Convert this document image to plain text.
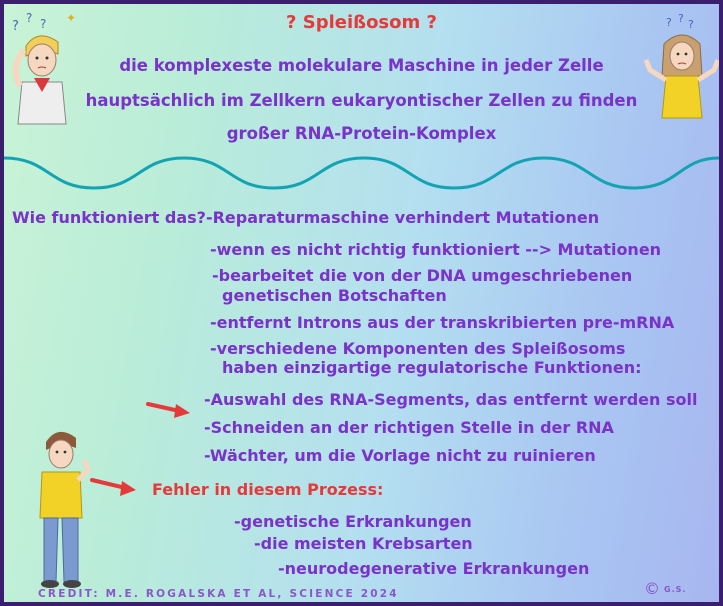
?
? ? ✦	? ? ?
? Spleißosom ?
die komplexeste molekulare Maschine in jeder Zelle
hauptsächlich im Zellkern eukaryontischer Zellen zu finden
großer RNA-Protein-Komplex
Wie funktioniert das?-Reparaturmaschine verhindert Mutationen
-wenn es nicht richtig funktioniert --> Mutationen
-bearbeitet die von der DNA umgeschriebenen
genetischen Botschaften
-entfernt Introns aus der transkribierten pre-mRNA
-verschiedene Komponenten des Spleißosoms
haben einzigartige regulatorische Funktionen:
-Auswahl des RNA-Segments, das entfernt werden soll
-Schneiden an der richtigen Stelle in der RNA
-Wächter, um die Vorlage nicht zu ruinieren
Fehler in diesem Prozess:
-genetische Erkrankungen
-die meisten Krebsarten
-neurodegenerative Erkrankungen
CREDIT: M.E. ROGALSKA ET AL, SCIENCE 2024	© G.S.
